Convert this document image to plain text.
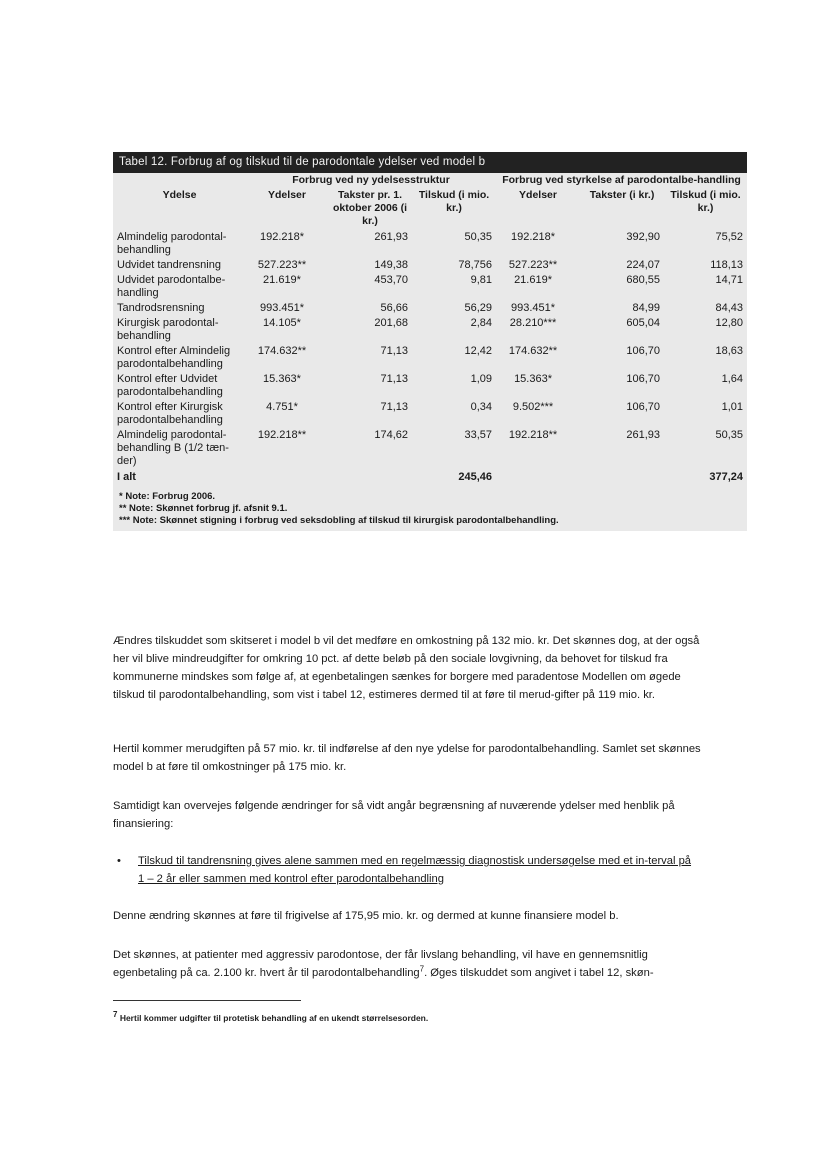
Tabel 12. Forbrug af og tilskud til de parodontale ydelser ved model b
	Forbrug ved ny ydelsesstruktur			Forbrug ved styrkelse af parodontalbe-handling		
Ydelse	Ydelser	Takster pr. 1. oktober 2006 (i kr.)	Tilskud (i mio. kr.)	Ydelser	Takster (i kr.)	Tilskud (i mio. kr.)
Almindelig parodontal-behandling	192.218*	261,93	50,35	192.218*	392,90	75,52
Udvidet tandrensning	527.223**	149,38	78,756	527.223**	224,07	118,13
Udvidet parodontalbe-handling	21.619*	453,70	9,81	21.619*	680,55	14,71
Tandrodsrensning	993.451*	56,66	56,29	993.451*	84,99	84,43
Kirurgisk parodontal-behandling	14.105*	201,68	2,84	28.210***	605,04	12,80
Kontrol efter Almindelig parodontalbehandling	174.632**	71,13	12,42	174.632**	106,70	18,63
Kontrol efter Udvidet parodontalbehandling	15.363*	71,13	1,09	15.363*	106,70	1,64
Kontrol efter Kirurgisk parodontalbehandling	4.751*	71,13	0,34	9.502***	106,70	1,01
Almindelig parodontal-behandling B (1/2 tæn-der)	192.218**	174,62	33,57	192.218**	261,93	50,35
I alt			245,46			377,24
* Note: Forbrug 2006.
** Note: Skønnet forbrug jf. afsnit 9.1.
*** Note: Skønnet stigning i forbrug ved seksdobling af tilskud til kirurgisk parodontalbehandling.

Ændres tilskuddet som skitseret i model b vil det medføre en omkostning på 132 mio. kr. Det skønnes dog, at der også her vil blive mindreudgifter for omkring 10 pct. af dette beløb på den sociale lovgivning, da behovet for tilskud fra kommunerne mindskes som følge af, at egenbetalingen sænkes for borgere med paradentose Modellen om øgede tilskud til parodontalbehandling, som vist i tabel 12, estimeres dermed til at føre til merud-gifter på 119 mio. kr.

Hertil kommer merudgiften på 57 mio. kr. til indførelse af den nye ydelse for parodontalbehandling. Samlet set skønnes model b at føre til omkostninger på 175 mio. kr.

Samtidigt kan overvejes følgende ændringer for så vidt angår begrænsning af nuværende ydelser med henblik på finansiering:

• Tilskud til tandrensning gives alene sammen med en regelmæssig diagnostisk undersøgelse med et in-terval på 1 – 2 år eller sammen med kontrol efter parodontalbehandling

Denne ændring skønnes at føre til frigivelse af 175,95 mio. kr. og dermed at kunne finansiere model b.

Det skønnes, at patienter med aggressiv parodontose, der får livslang behandling, vil have en gennemsnitlig egenbetaling på ca. 2.100 kr. hvert år til parodontalbehandling$^7$. Øges tilskuddet som angivet i tabel 12, skøn-

$^7$ Hertil kommer udgifter til protetisk behandling af en ukendt størrelsesorden.
